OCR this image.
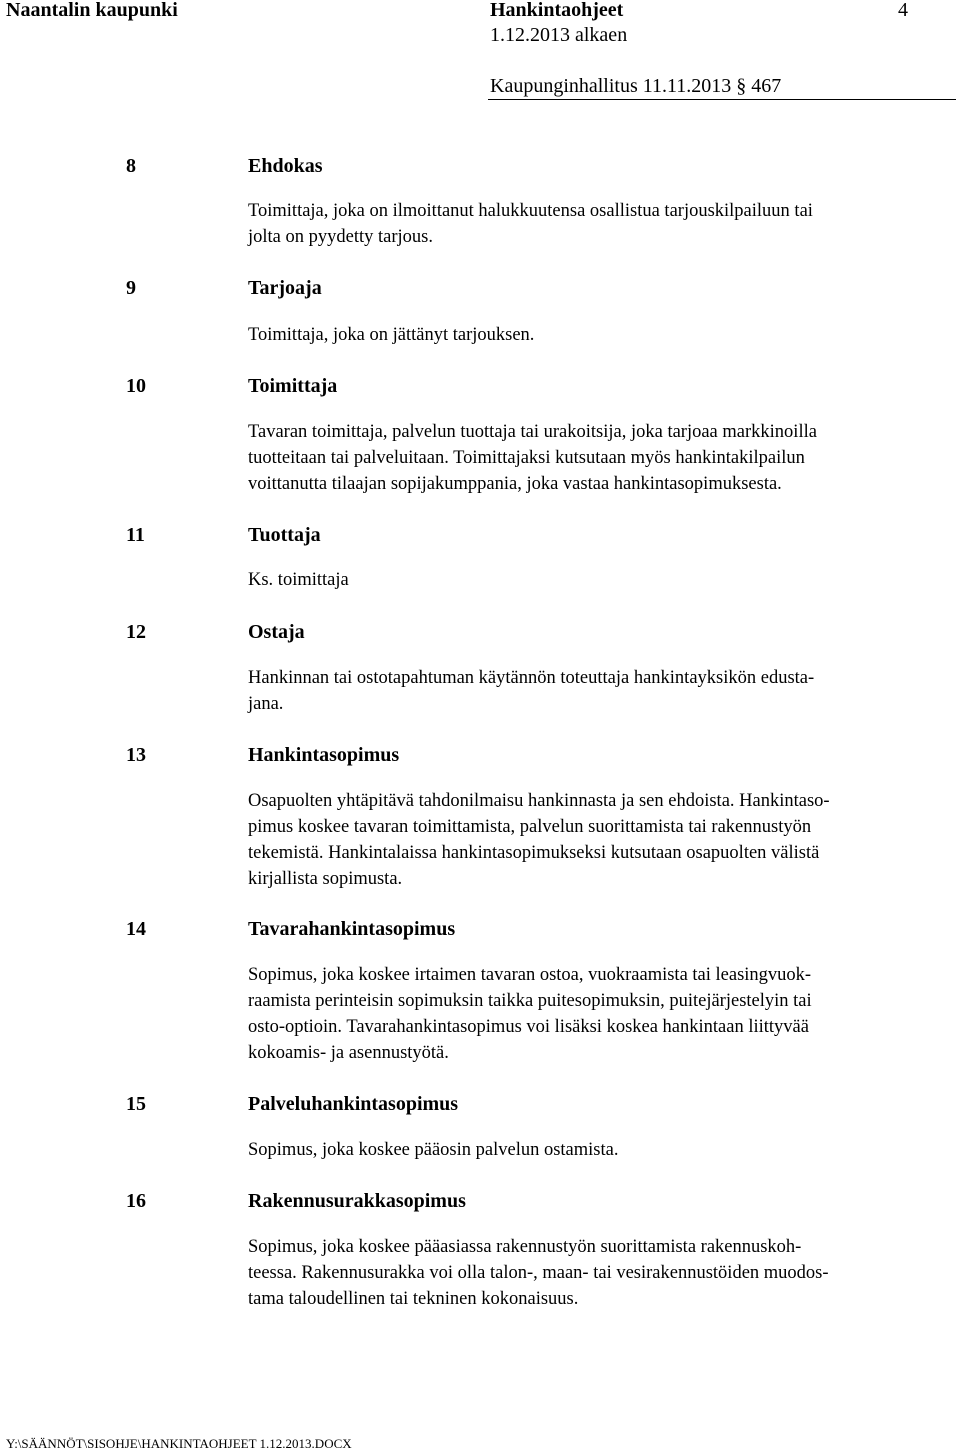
Naantalin kaupunki	Hankintaohjeet	4
1.12.2013 alkaen
Kaupunginhallitus 11.11.2013 § 467
8	Ehdokas
Toimittaja, joka on ilmoittanut halukkuutensa osallistua tarjouskilpailuun tai
jolta on pyydetty tarjous.
9	Tarjoaja
Toimittaja, joka on jättänyt tarjouksen.
10	Toimittaja
Tavaran toimittaja, palvelun tuottaja tai urakoitsija, joka tarjoaa markkinoilla
tuotteitaan tai palveluitaan. Toimittajaksi kutsutaan myös hankintakilpailun
voittanutta tilaajan sopijakumppania, joka vastaa hankintasopimuksesta.
11	Tuottaja
Ks. toimittaja
12	Ostaja
Hankinnan tai ostotapahtuman käytännön toteuttaja hankintayksikön edusta-
jana.
13	Hankintasopimus
Osapuolten yhtäpitävä tahdonilmaisu hankinnasta ja sen ehdoista. Hankintaso-
pimus koskee tavaran toimittamista, palvelun suorittamista tai rakennustyön
tekemistä. Hankintalaissa hankintasopimukseksi kutsutaan osapuolten välistä
kirjallista sopimusta.
14	Tavarahankintasopimus
Sopimus, joka koskee irtaimen tavaran ostoa, vuokraamista tai leasingvuok-
raamista perinteisin sopimuksin taikka puitesopimuksin, puitejärjestelyin tai
osto-optioin. Tavarahankintasopimus voi lisäksi koskea hankintaan liittyvää
kokoamis- ja asennustyötä.
15	Palveluhankintasopimus
Sopimus, joka koskee pääosin palvelun ostamista.
16	Rakennusurakkasopimus
Sopimus, joka koskee pääasiassa rakennustyön suorittamista rakennuskoh-
teessa. Rakennusurakka voi olla talon-, maan- tai vesirakennustöiden muodos-
tama taloudellinen tai tekninen kokonaisuus.
Y:\SÄÄNNÖT\SISOHJE\HANKINTAOHJEET 1.12.2013.DOCX
